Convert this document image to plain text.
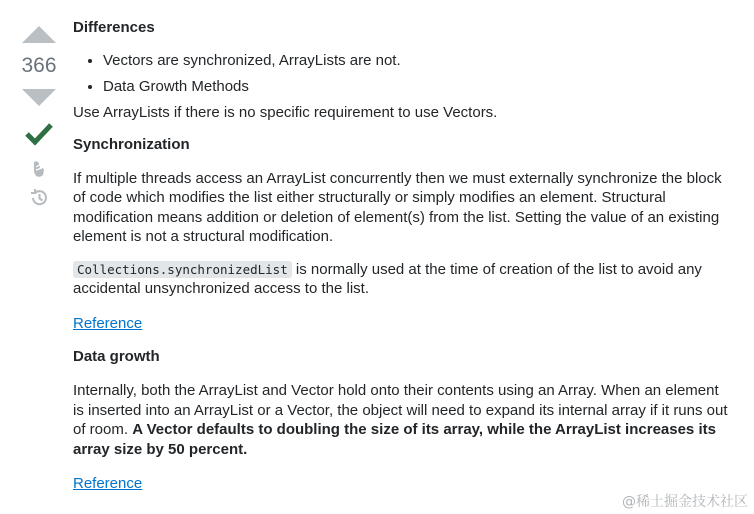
366
Differences
• Vectors are synchronized, ArrayLists are not.
• Data Growth Methods

Use ArrayLists if there is no specific requirement to use Vectors.

Synchronization

If multiple threads access an ArrayList concurrently then we must externally synchronize the block of code which modifies the list either structurally or simply modifies an element. Structural modification means addition or deletion of element(s) from the list. Setting the value of an existing element is not a structural modification.

Collections.synchronizedList is normally used at the time of creation of the list to avoid any accidental unsynchronized access to the list.

Reference

Data growth

Internally, both the ArrayList and Vector hold onto their contents using an Array. When an element is inserted into an ArrayList or a Vector, the object will need to expand its internal array if it runs out of room. A Vector defaults to doubling the size of its array, while the ArrayList increases its array size by 50 percent.

Reference

@稀土掘金技术社区
